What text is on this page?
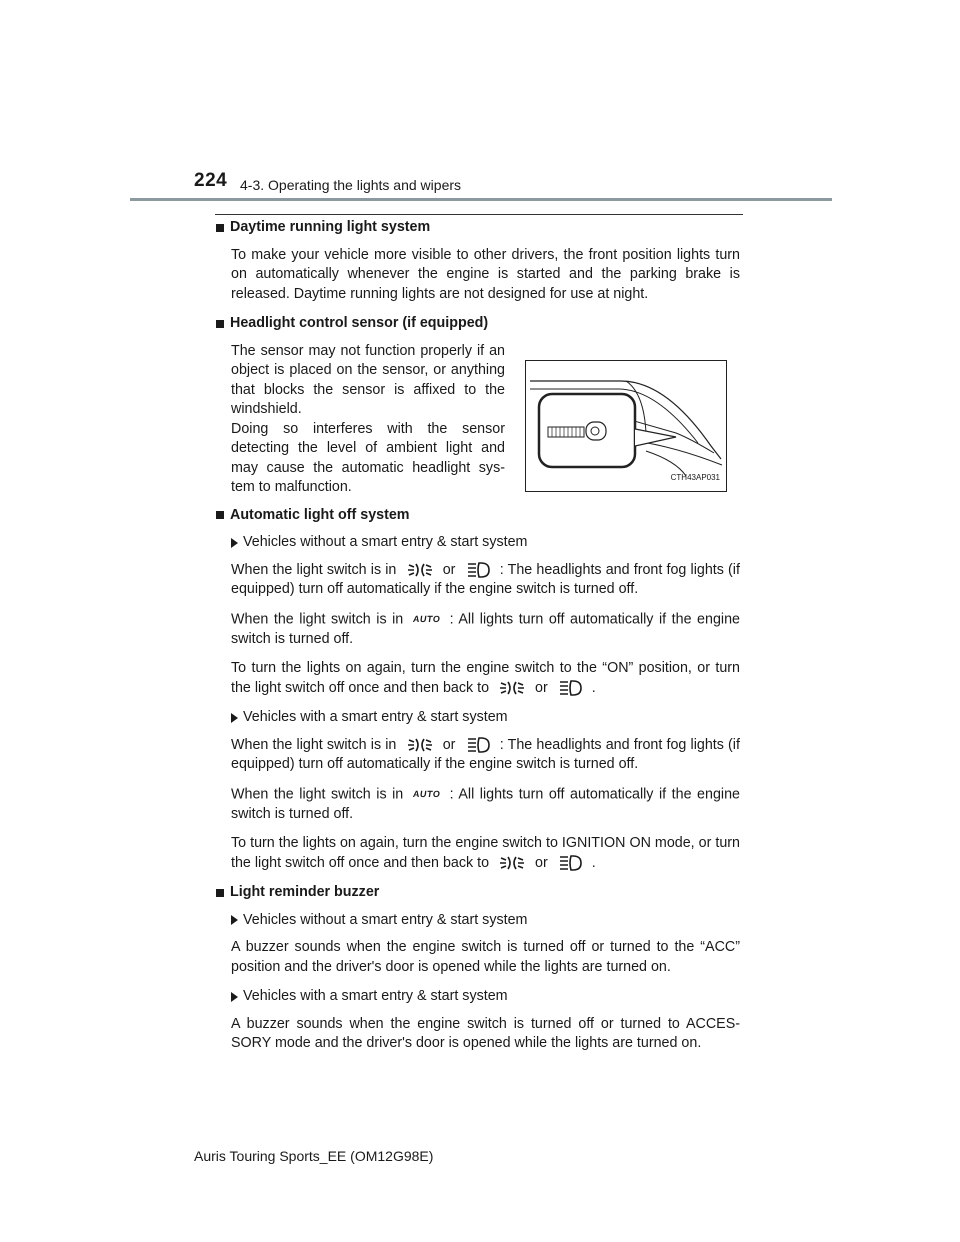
224 4-3. Operating the lights and wipers
Daytime running light system
To make your vehicle more visible to other drivers, the front position lights turn on automatically whenever the engine is started and the parking brake is released. Daytime running lights are not designed for use at night.
Headlight control sensor (if equipped)
The sensor may not function properly if an object is placed on the sensor, or anything that blocks the sensor is affixed to the windshield.
Doing so interferes with the sensor detecting the level of ambient light and may cause the automatic headlight sys-tem to malfunction.
CTH43AP031
Automatic light off system
Vehicles without a smart entry & start system
When the light switch is in	or	: The headlights and front fog lights (if equipped) turn off automatically if the engine switch is turned off.
When the light switch is in AUTO : All lights turn off automatically if the engine switch is turned off.
To turn the lights on again, turn the engine switch to the “ON” position, or turn the light switch off once and then back to	or	.
Vehicles with a smart entry & start system
When the light switch is in	or	: The headlights and front fog lights (if equipped) turn off automatically if the engine switch is turned off.
When the light switch is in AUTO : All lights turn off automatically if the engine switch is turned off.
To turn the lights on again, turn the engine switch to IGNITION ON mode, or turn the light switch off once and then back to	or	.
Light reminder buzzer
Vehicles without a smart entry & start system
A buzzer sounds when the engine switch is turned off or turned to the “ACC” position and the driver's door is opened while the lights are turned on.
Vehicles with a smart entry & start system
A buzzer sounds when the engine switch is turned off or turned to ACCES-SORY mode and the driver's door is opened while the lights are turned on.
Auris Touring Sports_EE (OM12G98E)
